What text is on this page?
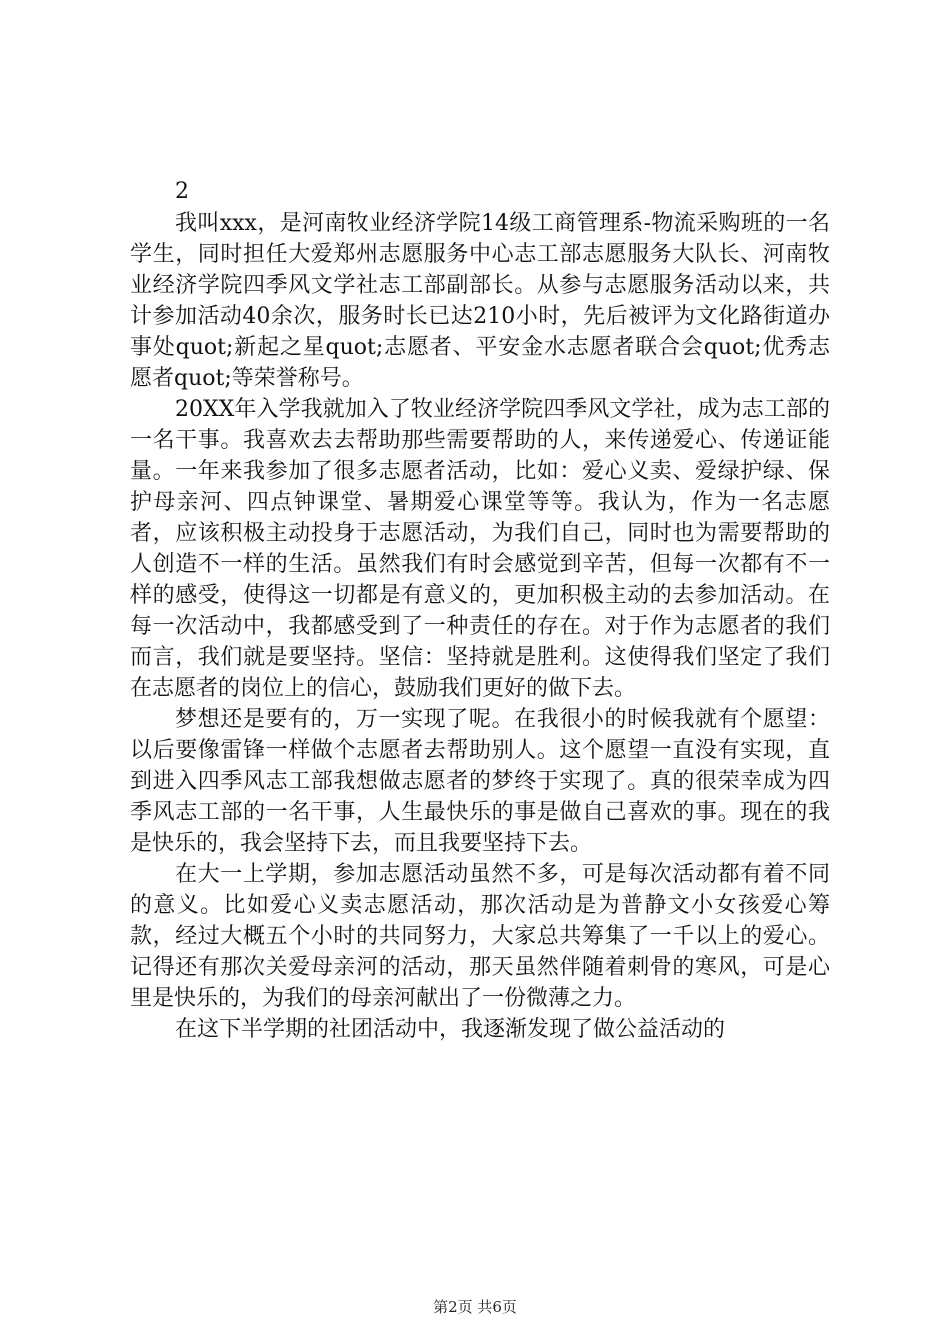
2

我叫xxx，是河南牧业经济学院14级工商管理系-物流采购班的一名学生，同时担任大爱郑州志愿服务中心志工部志愿服务大队长、河南牧业经济学院四季风文学社志工部副部长。从参与志愿服务活动以来，共计参加活动40余次，服务时长已达210小时，先后被评为文化路街道办事处quot;新起之星quot;志愿者、平安金水志愿者联合会quot;优秀志愿者quot;等荣誉称号。

20XX年入学我就加入了牧业经济学院四季风文学社，成为志工部的一名干事。我喜欢去去帮助那些需要帮助的人，来传递爱心、传递证能量。一年来我参加了很多志愿者活动，比如：爱心义卖、爱绿护绿、保护母亲河、四点钟课堂、暑期爱心课堂等等。我认为，作为一名志愿者，应该积极主动投身于志愿活动，为我们自己，同时也为需要帮助的人创造不一样的生活。虽然我们有时会感觉到辛苦，但每一次都有不一样的感受，使得这一切都是有意义的，更加积极主动的去参加活动。在每一次活动中，我都感受到了一种责任的存在。对于作为志愿者的我们而言，我们就是要坚持。坚信：坚持就是胜利。这使得我们坚定了我们在志愿者的岗位上的信心，鼓励我们更好的做下去。

梦想还是要有的，万一实现了呢。在我很小的时候我就有个愿望：以后要像雷锋一样做个志愿者去帮助别人。这个愿望一直没有实现，直到进入四季风志工部我想做志愿者的梦终于实现了。真的很荣幸成为四季风志工部的一名干事，人生最快乐的事是做自己喜欢的事。现在的我是快乐的，我会坚持下去，而且我要坚持下去。

在大一上学期，参加志愿活动虽然不多，可是每次活动都有着不同的意义。比如爱心义卖志愿活动，那次活动是为普静文小女孩爱心筹款，经过大概五个小时的共同努力，大家总共筹集了一千以上的爱心。记得还有那次关爱母亲河的活动，那天虽然伴随着刺骨的寒风，可是心里是快乐的，为我们的母亲河献出了一份微薄之力。

在这下半学期的社团活动中，我逐渐发现了做公益活动的

第2页 共6页
